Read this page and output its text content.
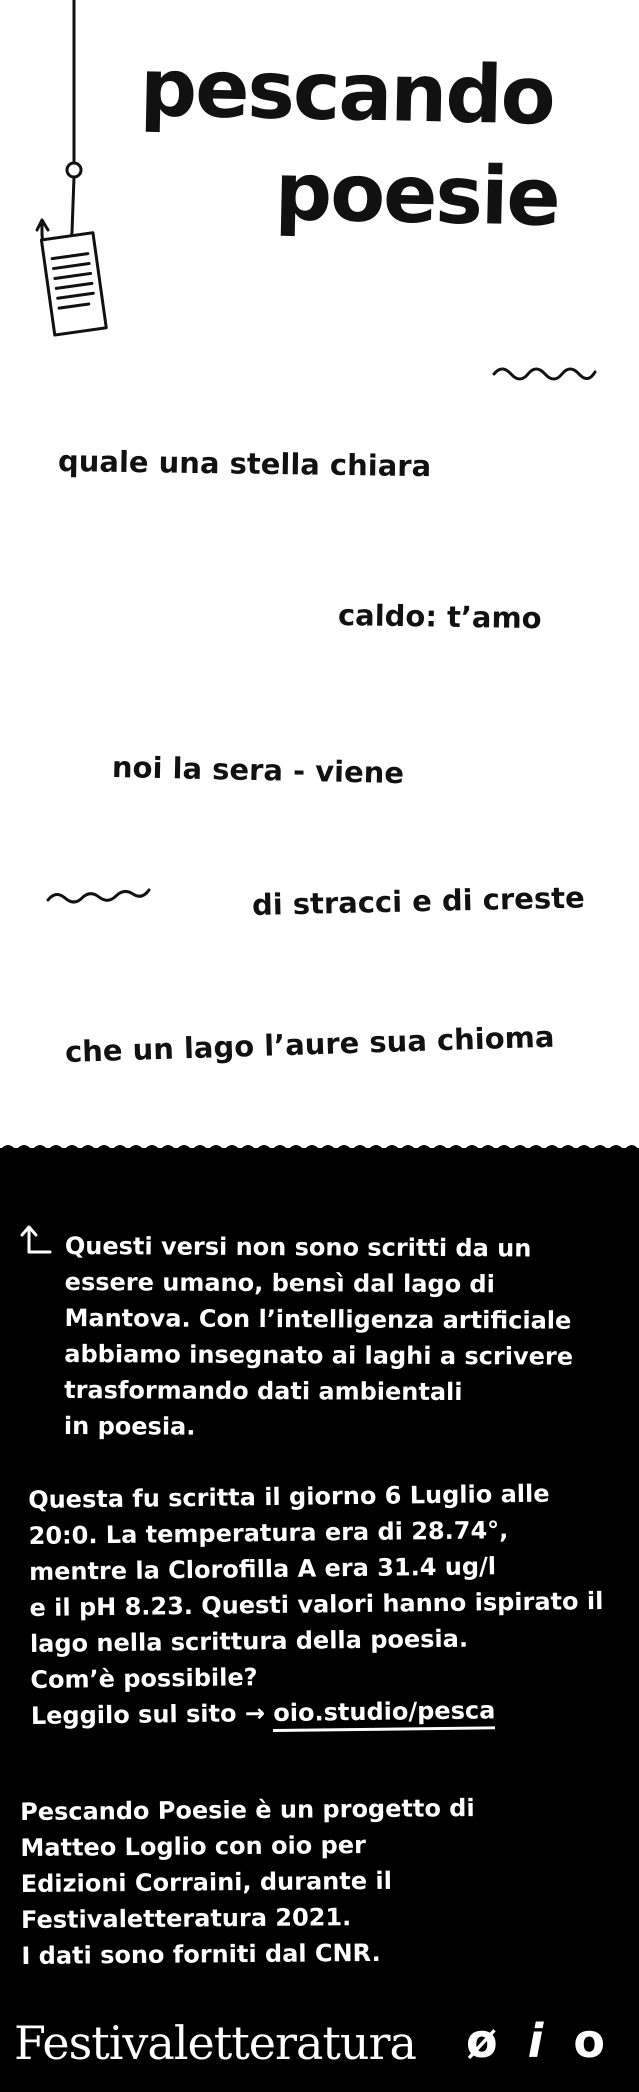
pescando
poesie
quale una stella chiara
caldo: t’amo
noi la sera - viene
di stracci e di creste
che un lago l’aure sua chioma
Questi versi non sono scritti da un
essere umano, bensì dal lago di
Mantova. Con l’intelligenza artificiale
abbiamo insegnato ai laghi a scrivere
trasformando dati ambientali
in poesia.
Questa fu scritta il giorno 6 Luglio alle
20:0. La temperatura era di 28.74°,
mentre la Clorofilla A era 31.4 ug/l
e il pH 8.23. Questi valori hanno ispirato il
lago nella scrittura della poesia.
Com’è possibile?
Leggilo sul sito → oio.studio/pesca
Pescando Poesie è un progetto di
Matteo Loglio con oio per
Edizioni Corraini, durante il
Festivaletteratura 2021.
I dati sono forniti dal CNR.
Festivaletteratura ø i o
